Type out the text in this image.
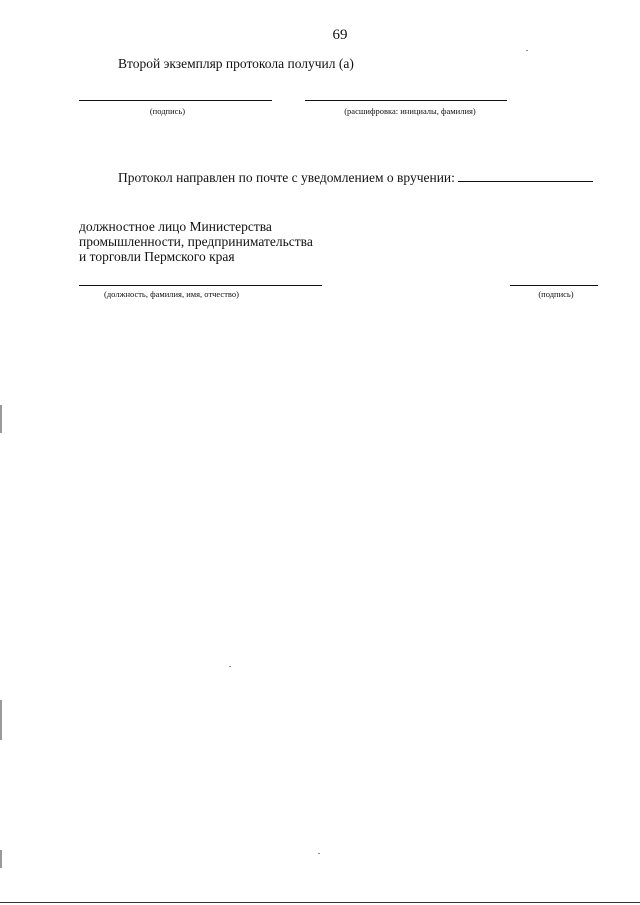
69
Второй экземпляр протокола получил (а)
(подпись)	(расшифровка: инициалы, фамилия)
Протокол направлен по почте с уведомлением о вручении:
должностное лицо Министерства
промышленности, предпринимательства
и торговли Пермского края
(должность, фамилия, имя, отчество)	(подпись)
